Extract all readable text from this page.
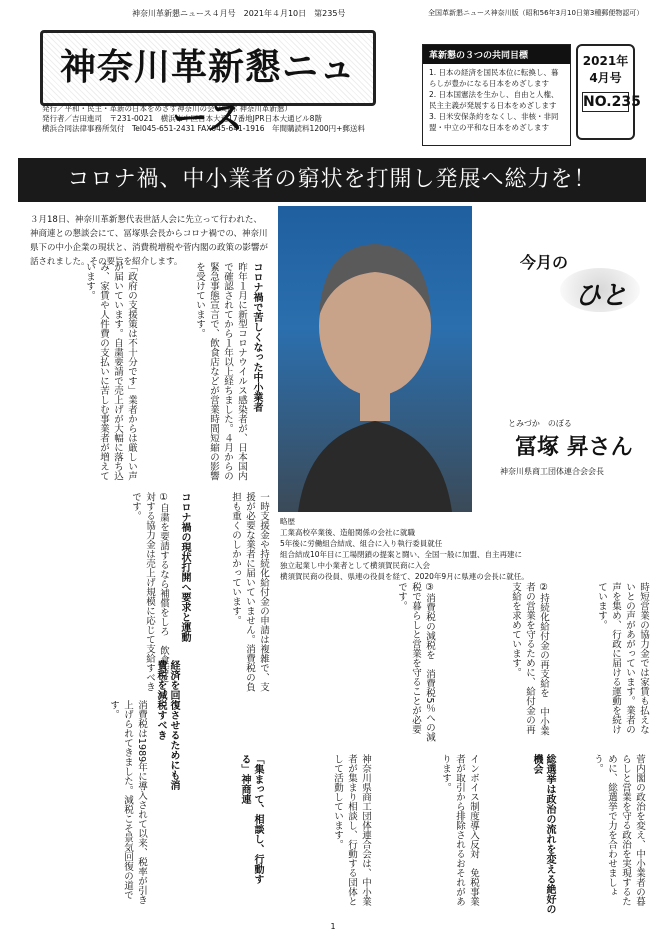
神奈川革新懇ニュース４月号　2021年４月10日　第235号	全国革新懇ニュース神奈川版（昭和56年3月10日第3種郵便物認可）
神奈川革新懇ニュース
発行／平和・民主・革新の日本をめざす神奈川の会（略称 神奈川革新懇）
発行者／吉田進司　〒231-0021　横浜市中区日本大通17番地JPR日本大通ビル8階
横浜合同法律事務所気付　Tel045-651-2431 FAX045-641-1916　年間購読料1200円+郵送料
革新懇の３つの共同目標
1. 日本の経済を国民本位に転換し、暮らしが豊かになる日本をめざします
2. 日本国憲法を生かし、自由と人権、民主主義が発展する日本をめざします
3. 日米安保条約をなくし、非核・非同盟・中立の平和な日本をめざします
2021年
4月号
NO.235
コロナ禍、中小業者の窮状を打開し発展へ総力を！
３月18日、神奈川革新懇代表世話人会に先立って行われた、神商連との懇談会にて、冨塚県会長からコロナ禍での、神奈川県下の中小企業の現状と、消費税増税や菅内閣の政策の影響が話されました。その要旨を紹介します。	今月の
ひと
とみづか　のぼる
冨塚 昇さん
神奈川県商工団体連合会会長
略歴
工業高校卒業後、造船関係の会社に就職
5年後に労働組合結成、組合に入り執行委員就任
組合結成10年目に工場閉鎖の提案と闘い、全国一般に加盟、自主再建に
独立起業し中小業者として横須賀民商に入会
横須賀民商の役員、県連の役員を経て、2020年9月に県連の会長に就任。
コロナ禍で苦しくなった中小業者
昨年１月に新型コロナウイルス感染者が、日本国内で確認されてから１年以上経ちました。４月からの緊急事態宣言で、飲食店などが営業時間短縮の影響を受けています。
「政府の支援策は不十分です」業者からは厳しい声が届いています。自粛要請で売上げが大幅に落ち込み、家賃や人件費の支払いに苦しむ事業者が増えています。
一時支援金や持続化給付金の申請は複雑で、支援が必要な業者に届いていません。消費税の負担も重くのしかかっています。
コロナ禍の現状打開へ要求と運動
①自粛を要請するなら補償をしろ　飲食店に対する協力金は売上げ規模に応じて支給すべきです。
時短営業の協力金では家賃も払えないとの声があがっています。業者の声を集め、行政に届ける運動を続けています。
②持続化給付金の再支給を　中小業者の営業を守るために、給付金の再支給を求めています。
③消費税の減税を　消費税5％への減税で暮らしと営業を守ることが必要です。
経済を回復させるためにも消費税を減税すべき
消費税は1989年に導入されて以来、税率が引き上げられてきました。減税こそ景気回復の道です。
「集まって、相談し、行動する」神商連	神奈川県商工団体連合会は、中小業者が集まり相談し、行動する団体として活動しています。	インボイス制度導入反対　免税事業者が取引から排除されるおそれがあります。	総選挙は政治の流れを変える絶好の機会	菅内閣の政治を変え、中小業者の暮らしと営業を守る政治を実現するために、総選挙で力を合わせましょう。
1
